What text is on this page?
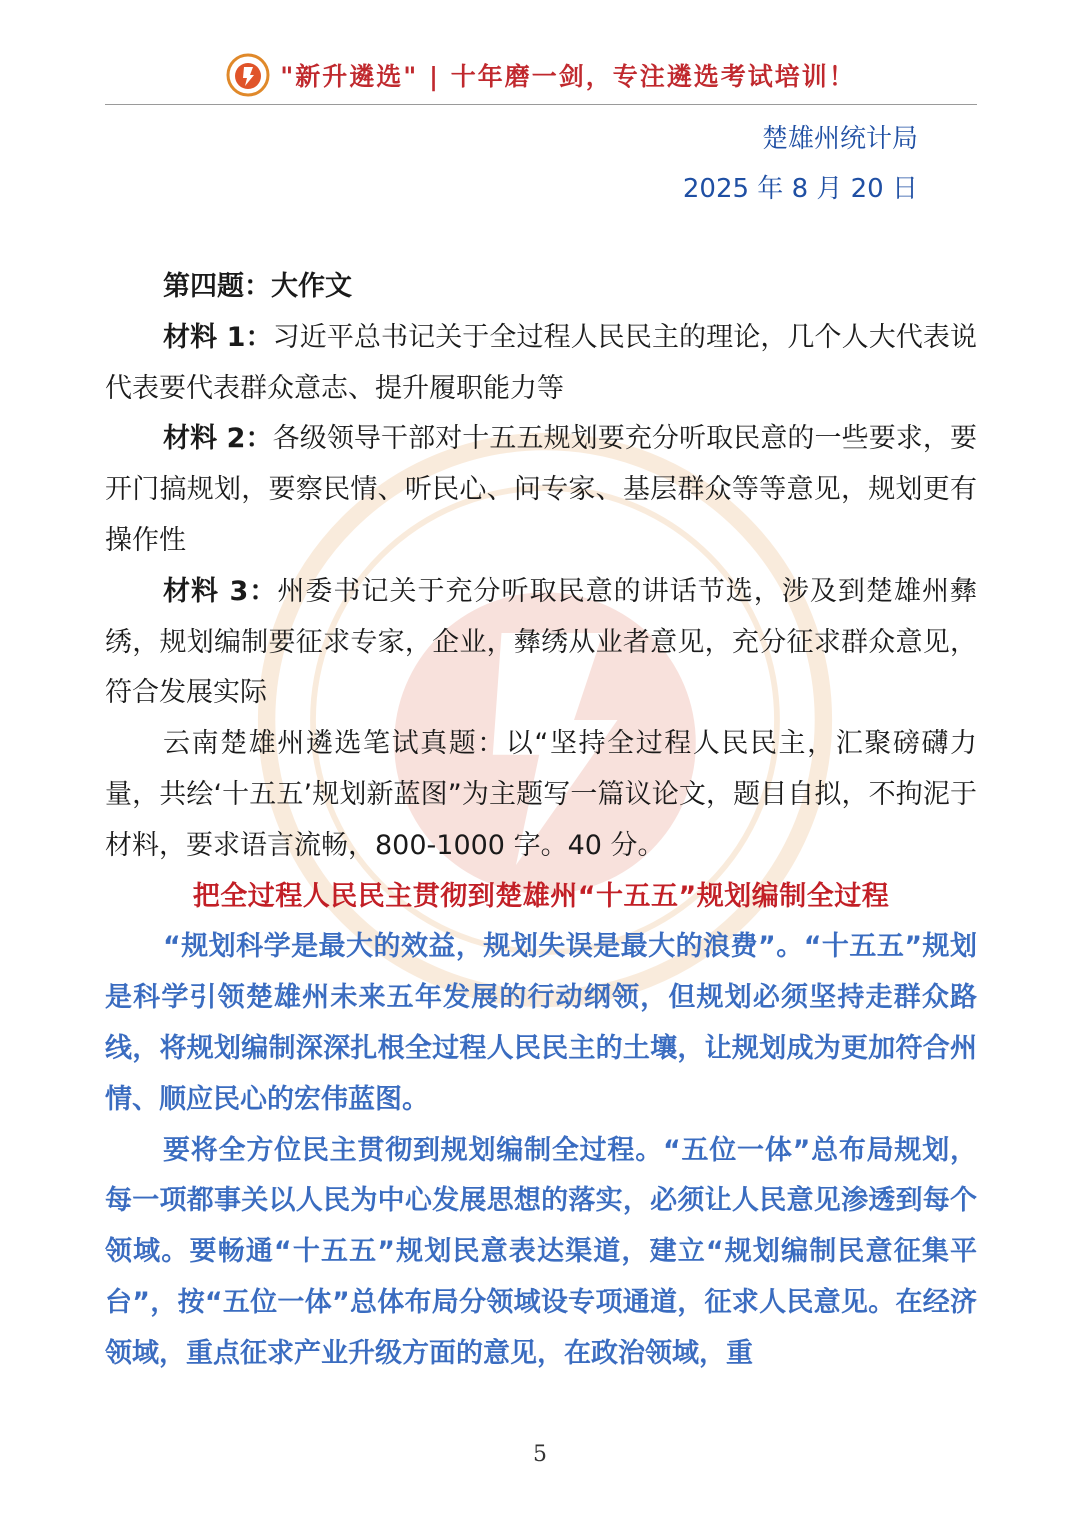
"新升遴选" | 十年磨一剑，专注遴选考试培训！
楚雄州统计局
2025 年 8 月 20 日

第四题：大作文

材料 1：习近平总书记关于全过程人民民主的理论，几个人大代表说代表要代表群众意志、提升履职能力等

材料 2：各级领导干部对十五五规划要充分听取民意的一些要求，要开门搞规划，要察民情、听民心、问专家、基层群众等等意见，规划更有操作性

材料 3：州委书记关于充分听取民意的讲话节选，涉及到楚雄州彝绣，规划编制要征求专家，企业，彝绣从业者意见，充分征求群众意见，符合发展实际

云南楚雄州遴选笔试真题：以“坚持全过程人民民主，汇聚磅礴力量，共绘‘十五五’规划新蓝图”为主题写一篇议论文，题目自拟，不拘泥于材料，要求语言流畅，800-1000 字。40 分。

把全过程人民民主贯彻到楚雄州“十五五”规划编制全过程

“规划科学是最大的效益，规划失误是最大的浪费”。“十五五”规划是科学引领楚雄州未来五年发展的行动纲领，但规划必须坚持走群众路线，将规划编制深深扎根全过程人民民主的土壤，让规划成为更加符合州情、顺应民心的宏伟蓝图。

要将全方位民主贯彻到规划编制全过程。“五位一体”总布局规划，每一项都事关以人民为中心发展思想的落实，必须让人民意见渗透到每个领域。要畅通“十五五”规划民意表达渠道，建立“规划编制民意征集平台”，按“五位一体”总体布局分领域设专项通道，征求人民意见。在经济领域，重点征求产业升级方面的意见，在政治领域，重

5
